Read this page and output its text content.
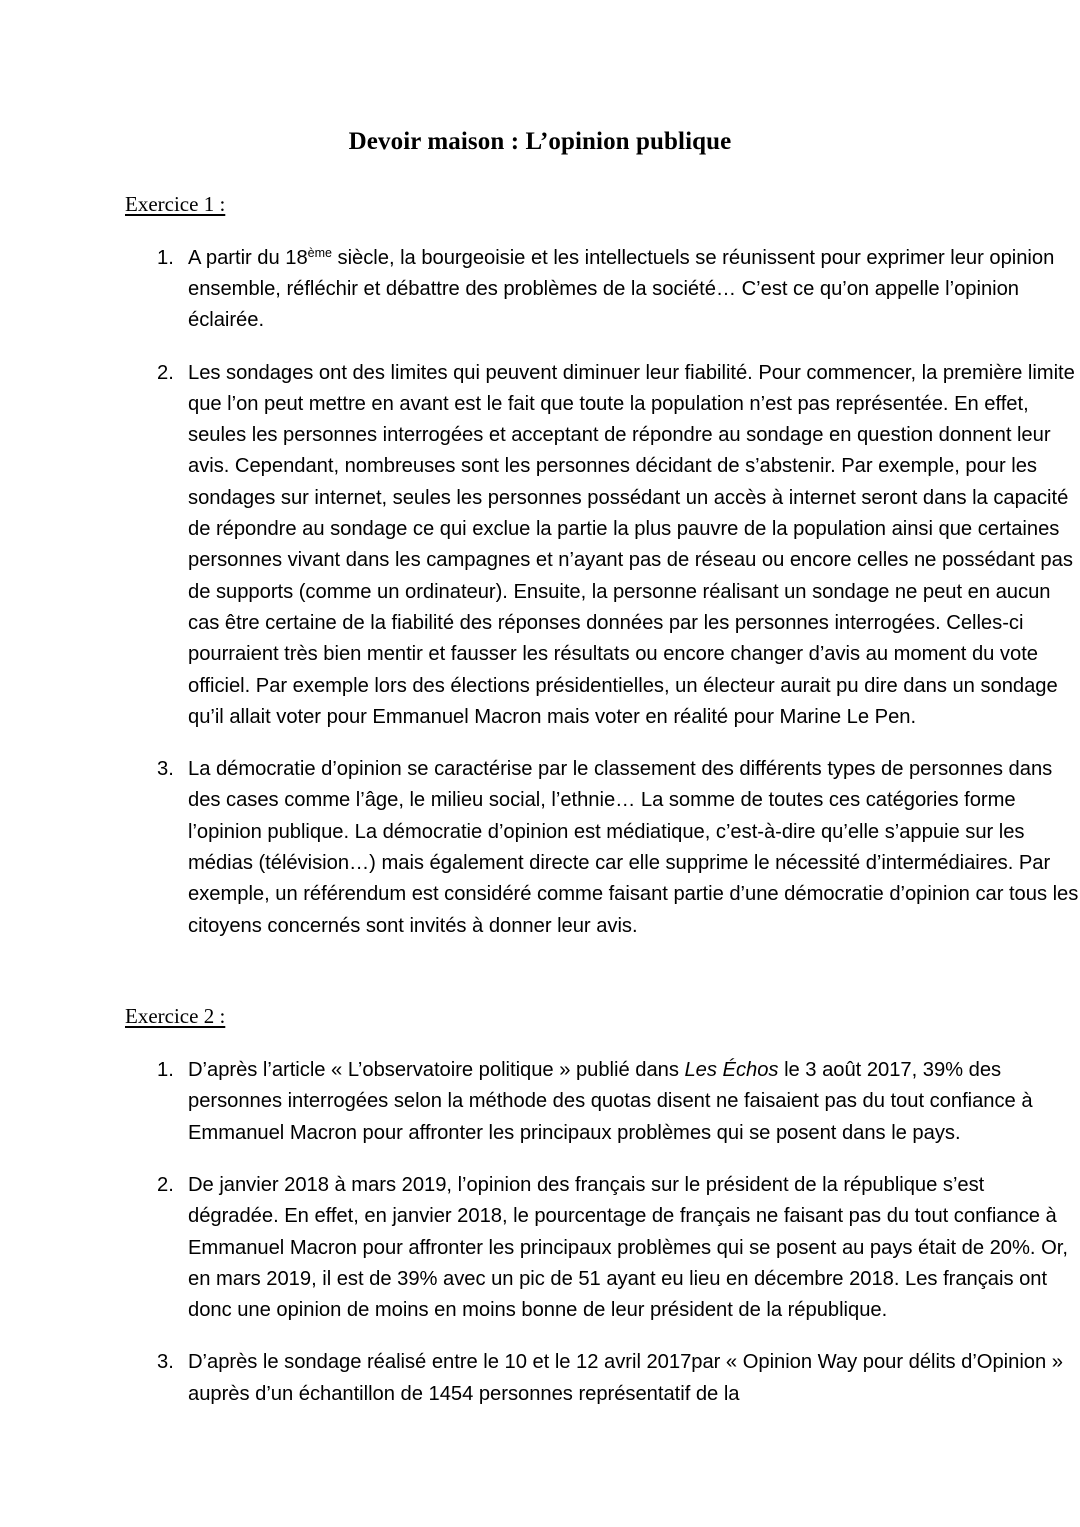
Devoir maison : L’opinion publique
Exercice 1 :
1. A partir du 18ème siècle, la bourgeoisie et les intellectuels se réunissent pour exprimer leur opinion ensemble, réfléchir et débattre des problèmes de la société… C’est ce qu’on appelle l’opinion éclairée.
2. Les sondages ont des limites qui peuvent diminuer leur fiabilité. Pour commencer, la première limite que l’on peut mettre en avant est le fait que toute la population n’est pas représentée. En effet, seules les personnes interrogées et acceptant de répondre au sondage en question donnent leur avis. Cependant, nombreuses sont les personnes décidant de s’abstenir. Par exemple, pour les sondages sur internet, seules les personnes possédant un accès à internet seront dans la capacité de répondre au sondage ce qui exclue la partie la plus pauvre de la population ainsi que certaines personnes vivant dans les campagnes et n’ayant pas de réseau ou encore celles ne possédant pas de supports (comme un ordinateur). Ensuite, la personne réalisant un sondage ne peut en aucun cas être certaine de la fiabilité des réponses données par les personnes interrogées. Celles-ci pourraient très bien mentir et fausser les résultats ou encore changer d’avis au moment du vote officiel. Par exemple lors des élections présidentielles, un électeur aurait pu dire dans un sondage qu’il allait voter pour Emmanuel Macron mais voter en réalité pour Marine Le Pen.
3. La démocratie d’opinion se caractérise par le classement des différents types de personnes dans des cases comme l’âge, le milieu social, l’ethnie… La somme de toutes ces catégories forme l’opinion publique. La démocratie d’opinion est médiatique, c’est-à-dire qu’elle s’appuie sur les médias (télévision…) mais également directe car elle supprime le nécessité d’intermédiaires. Par exemple, un référendum est considéré comme faisant partie d’une démocratie d’opinion car tous les citoyens concernés sont invités à donner leur avis.
Exercice 2 :
1. D’après l’article « L’observatoire politique » publié dans Les Échos le 3 août 2017, 39% des personnes interrogées selon la méthode des quotas disent ne faisaient pas du tout confiance à Emmanuel Macron pour affronter les principaux problèmes qui se posent dans le pays.
2. De janvier 2018 à mars 2019, l’opinion des français sur le président de la république s’est dégradée. En effet, en janvier 2018, le pourcentage de français ne faisant pas du tout confiance à Emmanuel Macron pour affronter les principaux problèmes qui se posent au pays était de 20%. Or, en mars 2019, il est de 39% avec un pic de 51 ayant eu lieu en décembre 2018. Les français ont donc une opinion de moins en moins bonne de leur président de la république.
3. D’après le sondage réalisé entre le 10 et le 12 avril 2017par « Opinion Way pour délits d’Opinion » auprès d’un échantillon de 1454 personnes représentatif de la
